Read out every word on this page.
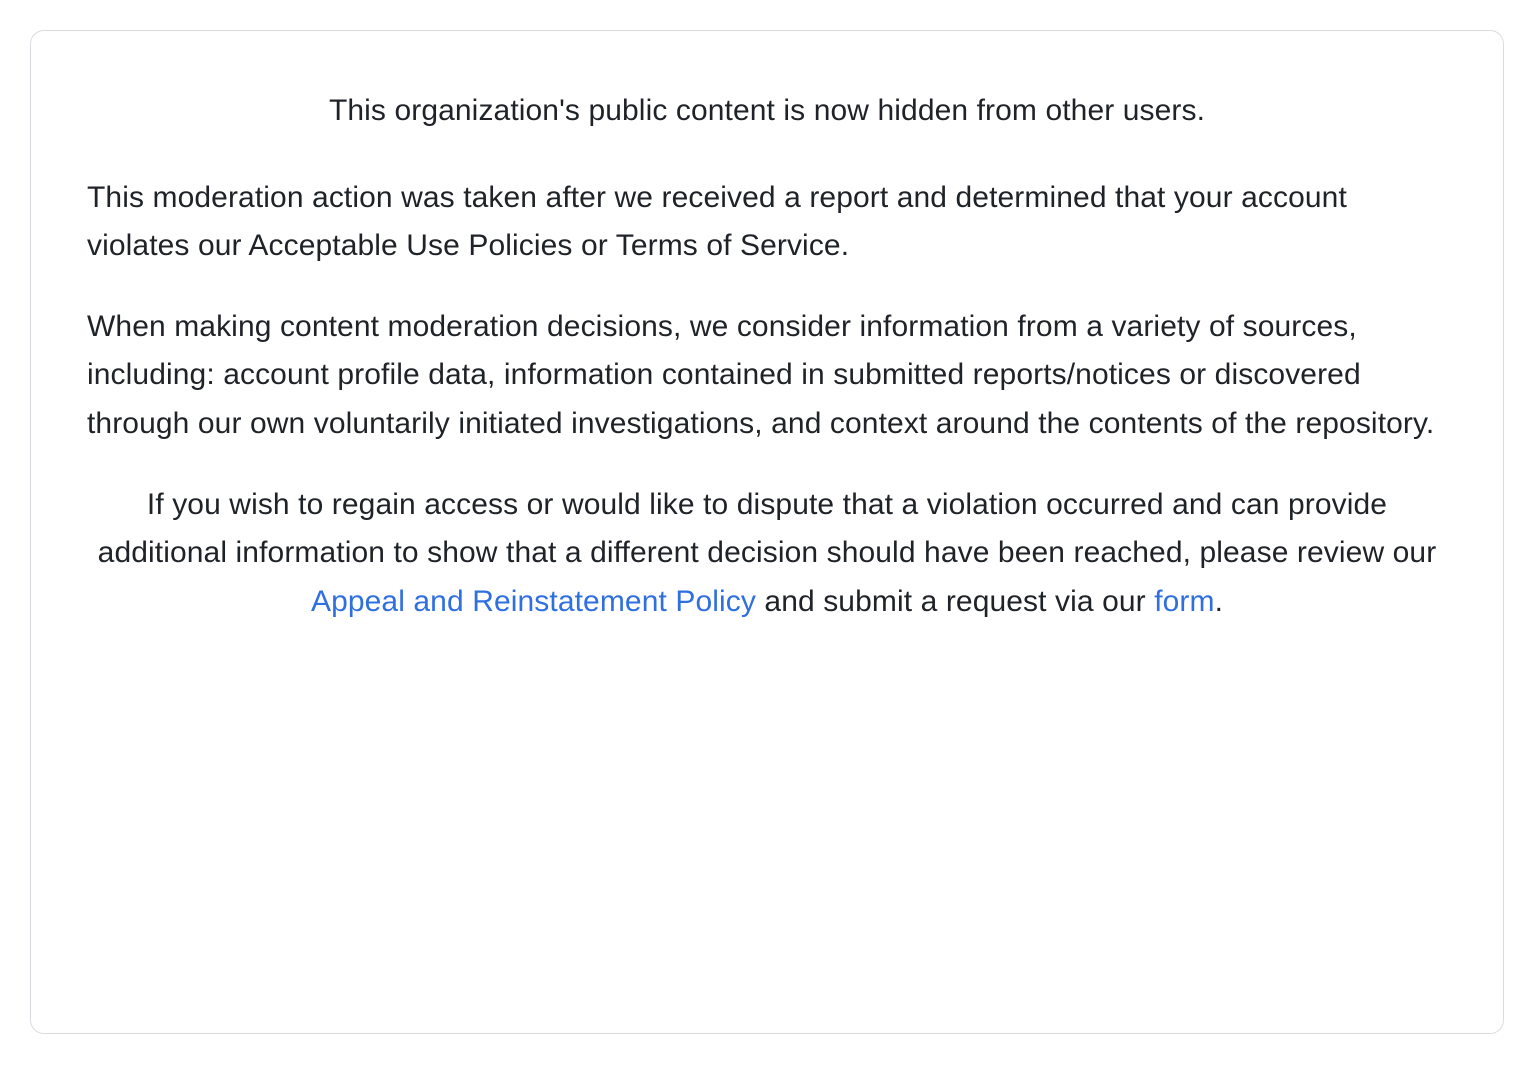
This organization's public content is now hidden from other users.

This moderation action was taken after we received a report and determined that your account violates our Acceptable Use Policies or Terms of Service.

When making content moderation decisions, we consider information from a variety of sources, including: account profile data, information contained in submitted reports/notices or discovered through our own voluntarily initiated investigations, and context around the contents of the repository.

If you wish to regain access or would like to dispute that a violation occurred and can provide additional information to show that a different decision should have been reached, please review our Appeal and Reinstatement Policy and submit a request via our form.
